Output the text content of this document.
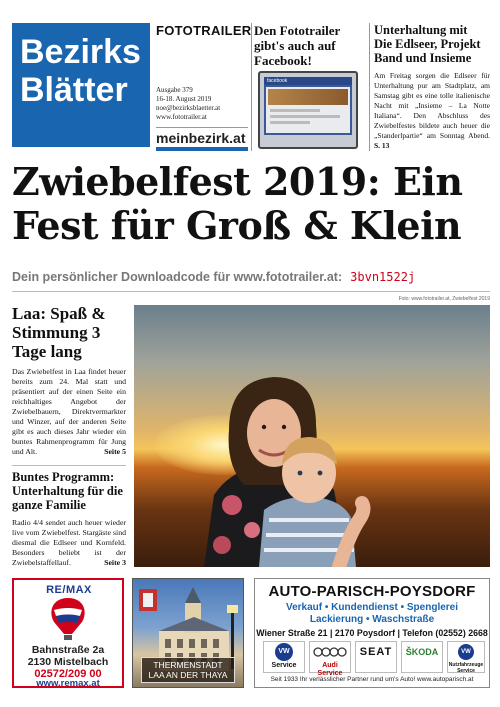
Bezirks
Blätter
FOTOTRAILER
Ausgabe 379
16-18. August 2019
noe@bezirksblaetter.at
www.fototrailer.at
meinbezirk.at
Den Fototrailer
gibt's auch auf
Facebook!
facebook
Unterhaltung mit
Die Edlseer, Projekt Band und Insieme

Am Freitag sorgen die Edlseer für Unterhaltung pur am Stadtplatz, am Samstag gibt es eine tolle italienische Nacht mit „Insieme – La Notte Italiana“. Den Abschluss des Zwiebelfestes bildete auch heuer die „Standerlpartie“ am Sonntag Abend. S. 13

Zwiebelfest 2019: Ein
Fest für Groß & Klein
Dein persönlicher Downloadcode für www.fototrailer.at: 3bvn1522j
Foto: www.fototrailer.at, Zwiebelfest 2019
Laa: Spaß & Stimmung 3 Tage lang

Das Zwiebelfest in Laa findet heuer bereits zum 24. Mal statt und präsentiert auf der einen Seite ein reichhaltiges Angebot der Zwiebelbauern, Direktvermarkter und Winzer, auf der anderen Seite gibt es auch dieses Jahr wieder ein buntes Rahmenprogramm für Jung und Alt.	Seite 5

Buntes Programm:
Unterhaltung für die ganze Familie

Radio 4/4 sendet auch heuer wieder live vom Zwiebelfest. Stargäste sind diesmal die Edlseer und Kornfeld. Besonders beliebt ist der Zwiebelstaffellauf.	Seite 3

RE/MAX
Bahnstraße 2a
2130 Mistelbach
02572/209 00
www.remax.at
THERMENSTADT
LAA AN DER THAYA
AUTO-PARISCH-POYSDORF
Verkauf • Kundendienst • Spenglerei
Lackierung • Waschstraße
Wiener Straße 21 | 2170 Poysdorf | Telefon (02552) 2668
VW
Service	Audi Service
SEAT	ŠKODA	VW
Nutzfahrzeuge Service
Seit 1933 Ihr verlässlicher Partner rund um's Auto! www.autoparisch.at
